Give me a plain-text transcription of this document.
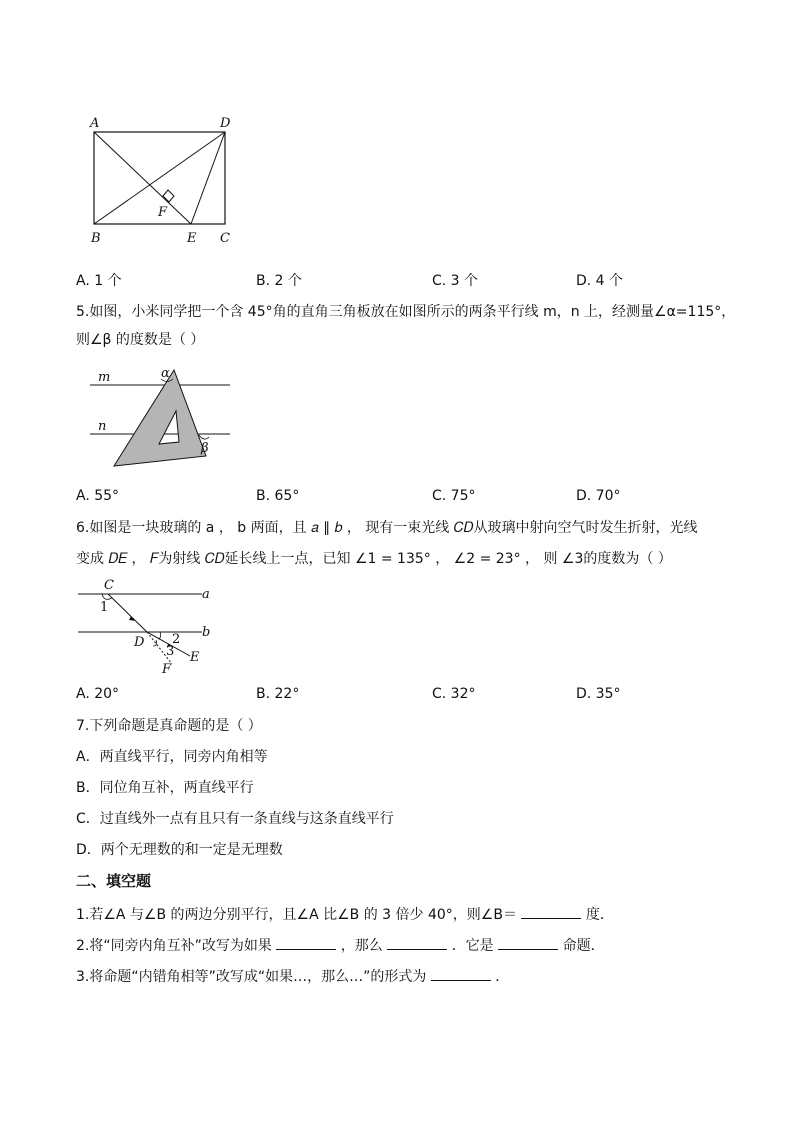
A	D
F
B	E C
A. 1 个	B. 2 个	C. 3 个	D. 4 个
5.如图，小米同学把一个含 45°角的直角三角板放在如图所示的两条平行线 m，n 上，经测量∠α=115°，
则∠β 的度数是（ ）
m	α
n
β
A. 55°	B. 65°	C. 75°	D. 70°
6.如图是一块玻璃的 a ， b 两面，且 𝑎 ∥ 𝑏 ， 现有一束光线 𝐶𝐷从玻璃中射向空气时发生折射，光线
变成 𝐷𝐸 ， 𝐹为射线 𝐶𝐷延长线上一点，已知 ∠1 = 135° ， ∠2 = 23° ， 则 ∠3的度数为（ ）
C
a
1
b
2
D
3 E
F
A. 20°	B. 22°	C. 32°	D. 35°
7.下列命题是真命题的是（ ）
A．两直线平行，同旁内角相等
B．同位角互补，两直线平行
C．过直线外一点有且只有一条直线与这条直线平行
D．两个无理数的和一定是无理数
二、填空题
1.若∠A 与∠B 的两边分别平行，且∠A 比∠B 的 3 倍少 40°，则∠B＝	度．
2.将“同旁内角互补”改写为如果	，那么	．它是	命题．
3.将命题“内错角相等”改写成“如果…，那么…”的形式为	．
